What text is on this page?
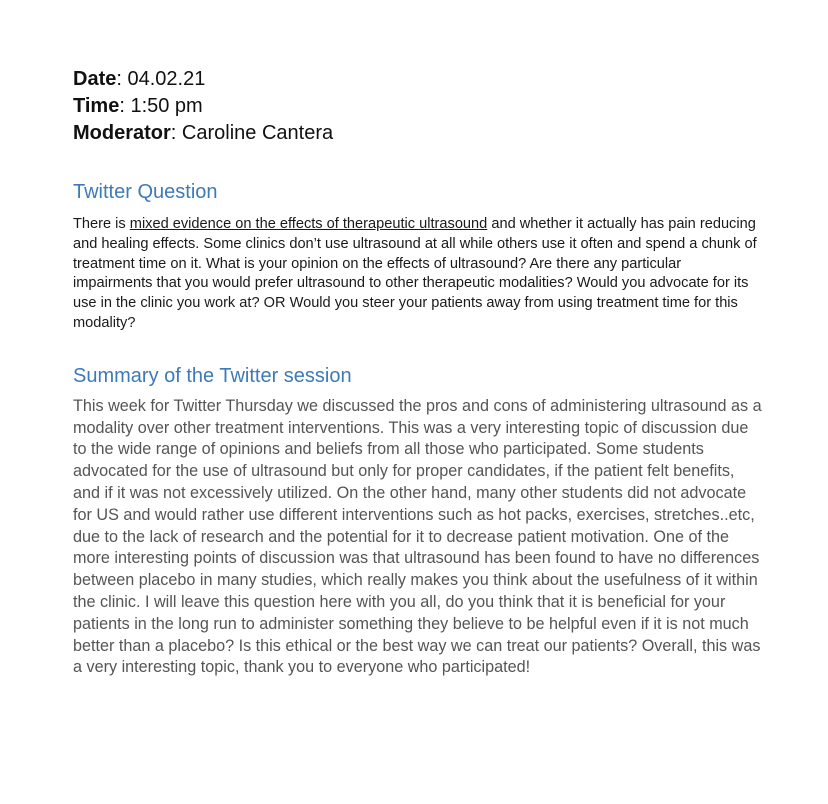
Date: 04.02.21
Time: 1:50 pm
Moderator: Caroline Cantera
Twitter Question

There is mixed evidence on the effects of therapeutic ultrasound and whether it actually has pain reducing and healing effects. Some clinics don’t use ultrasound at all while others use it often and spend a chunk of treatment time on it. What is your opinion on the effects of ultrasound? Are there any particular impairments that you would prefer ultrasound to other therapeutic modalities? Would you advocate for its use in the clinic you work at? OR Would you steer your patients away from using treatment time for this modality?

Summary of the Twitter session

This week for Twitter Thursday we discussed the pros and cons of administering ultrasound as a modality over other treatment interventions. This was a very interesting topic of discussion due to the wide range of opinions and beliefs from all those who participated. Some students advocated for the use of ultrasound but only for proper candidates, if the patient felt benefits, and if it was not excessively utilized. On the other hand, many other students did not advocate for US and would rather use different interventions such as hot packs, exercises, stretches..etc, due to the lack of research and the potential for it to decrease patient motivation. One of the more interesting points of discussion was that ultrasound has been found to have no differences between placebo in many studies, which really makes you think about the usefulness of it within the clinic. I will leave this question here with you all, do you think that it is beneficial for your patients in the long run to administer something they believe to be helpful even if it is not much better than a placebo? Is this ethical or the best way we can treat our patients? Overall, this was a very interesting topic, thank you to everyone who participated!
